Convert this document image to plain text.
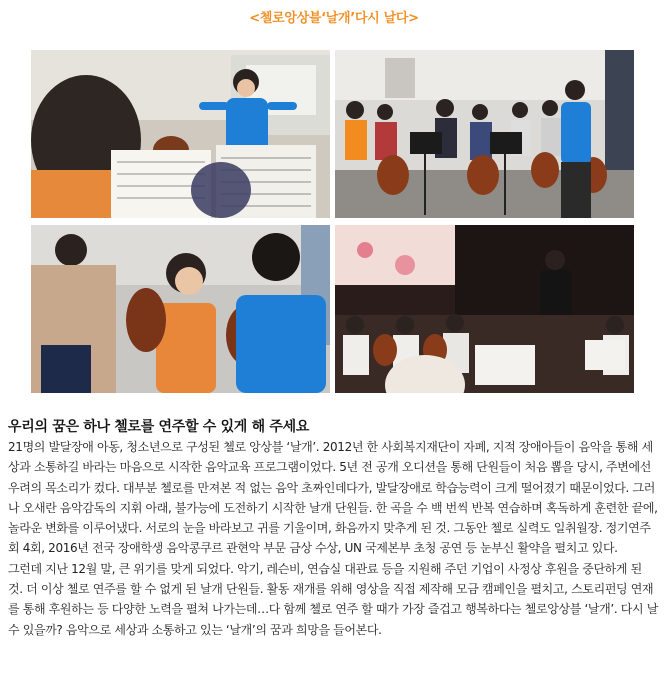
<첼로앙상블‘날개’다시 날다>
우리의 꿈은 하나 첼로를 연주할 수 있게 해 주세요

21명의 발달장애 아동, 청소년으로 구성된 첼로 앙상블 ‘날개’. 2012년 한 사회복지재단이 자폐, 지적 장애아들이 음악을 통해 세상과 소통하길 바라는 마음으로 시작한 음악교육 프로그램이었다. 5년 전 공개 오디션을 통해 단원들이 처음 뽑을 당시, 주변에선 우려의 목소리가 컸다. 대부분 첼로를 만져본 적 없는 음악 초짜인데다가, 발달장애로 학습능력이 크게 떨어졌기 때문이었다. 그러나 오새란 음악감독의 지휘 아래, 불가능에 도전하기 시작한 날개 단원들. 한 곡을 수 백 번씩 반복 연습하며 혹독하게 훈련한 끝에, 놀라운 변화를 이루어냈다. 서로의 눈을 바라보고 귀를 기울이며, 화음까지 맞추게 된 것. 그동안 첼로 실력도 일취월장. 정기연주회 4회, 2016년 전국 장애학생 음악콩쿠르 관현악 부문 금상 수상, UN 국제본부 초청 공연 등 눈부신 활약을 펼치고 있다.

그런데 지난 12월 말, 큰 위기를 맞게 되었다. 악기, 레슨비, 연습실 대관료 등을 지원해 주던 기업이 사정상 후원을 중단하게 된 것. 더 이상 첼로 연주를 할 수 없게 된 날개 단원들. 활동 재개를 위해 영상을 직접 제작해 모금 캠페인을 펼치고, 스토리펀딩 연재를 통해 후원하는 등 다양한 노력을 펼쳐 나가는데…다 함께 첼로 연주 할 때가 가장 즐겁고 행복하다는 첼로앙상블 ‘날개’. 다시 날수 있을까? 음악으로 세상과 소통하고 있는 ‘날개’의 꿈과 희망을 들어본다.
